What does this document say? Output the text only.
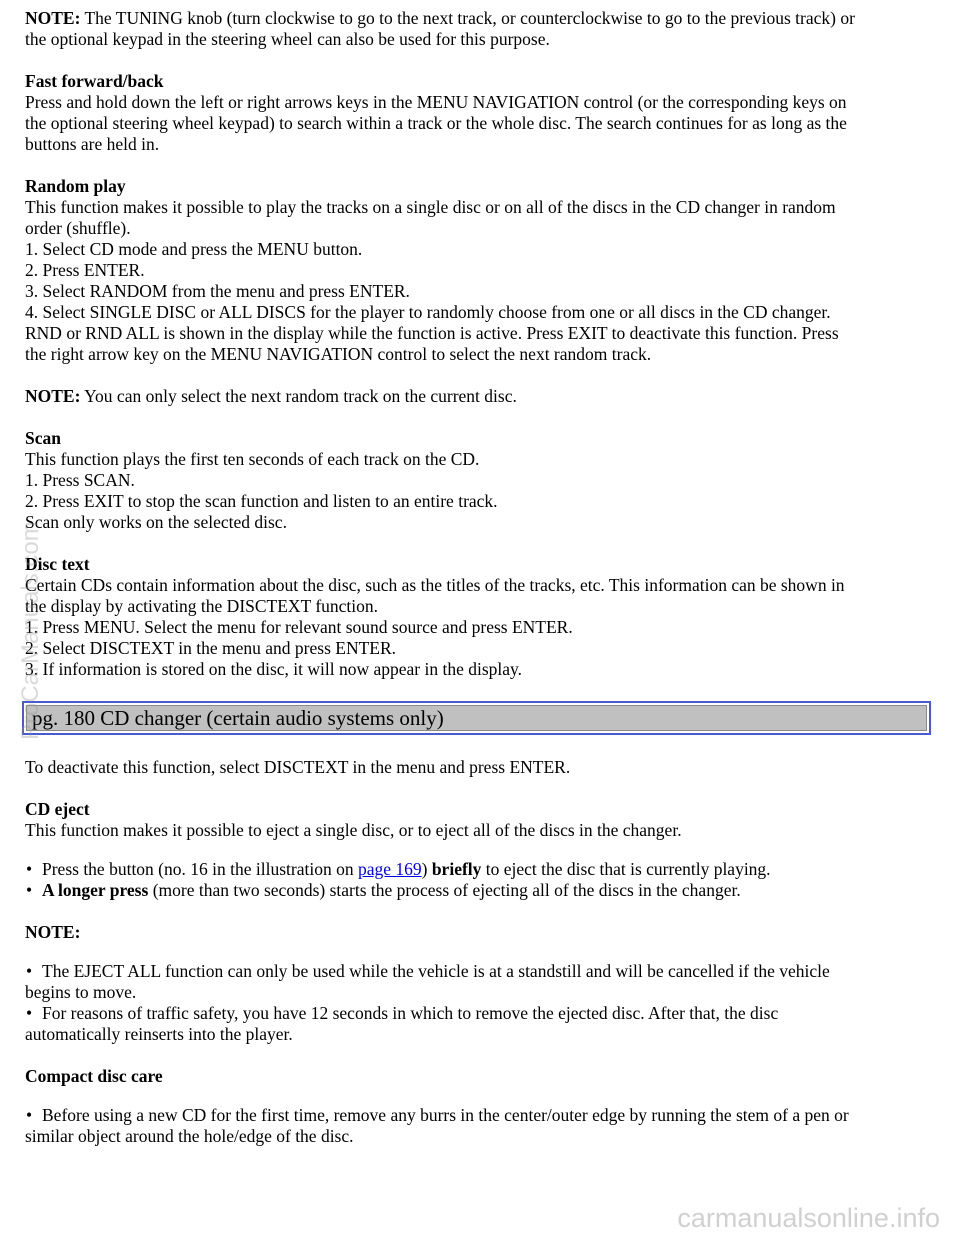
NOTE: The TUNING knob (turn clockwise to go to the next track, or counterclockwise to go to the previous track) or
the optional keypad in the steering wheel can also be used for this purpose.

Fast forward/back
Press and hold down the left or right arrows keys in the MENU NAVIGATION control (or the corresponding keys on
the optional steering wheel keypad) to search within a track or the whole disc. The search continues for as long as the
buttons are held in.

Random play
This function makes it possible to play the tracks on a single disc or on all of the discs in the CD changer in random
order (shuffle).
1. Select CD mode and press the MENU button.
2. Press ENTER.
3. Select RANDOM from the menu and press ENTER.
4. Select SINGLE DISC or ALL DISCS for the player to randomly choose from one or all discs in the CD changer.
RND or RND ALL is shown in the display while the function is active. Press EXIT to deactivate this function. Press
the right arrow key on the MENU NAVIGATION control to select the next random track.

NOTE: You can only select the next random track on the current disc.

Scan
This function plays the first ten seconds of each track on the CD.
1. Press SCAN.
2. Press EXIT to stop the scan function and listen to an entire track.
Scan only works on the selected disc.

Disc text
Certain CDs contain information about the disc, such as the titles of the tracks, etc. This information can be shown in
the display by activating the DISCTEXT function.
1. Press MENU. Select the menu for relevant sound source and press ENTER.
2. Select DISCTEXT in the menu and press ENTER.
3. If information is stored on the disc, it will now appear in the display.

pg. 180 CD changer (certain audio systems only)

To deactivate this function, select DISCTEXT in the menu and press ENTER.

CD eject
This function makes it possible to eject a single disc, or to eject all of the discs in the changer.

• Press the button (no. 16 in the illustration on page 169) briefly to eject the disc that is currently playing.
• A longer press (more than two seconds) starts the process of ejecting all of the discs in the changer.

NOTE:

• The EJECT ALL function can only be used while the vehicle is at a standstill and will be cancelled if the vehicle
begins to move.
• For reasons of traffic safety, you have 12 seconds in which to remove the ejected disc. After that, the disc
automatically reinserts into the player.

Compact disc care

• Before using a new CD for the first time, remove any burrs in the center/outer edge by running the stem of a pen or
similar object around the hole/edge of the disc.
ProCarManuals.com
carmanualsonline.info
